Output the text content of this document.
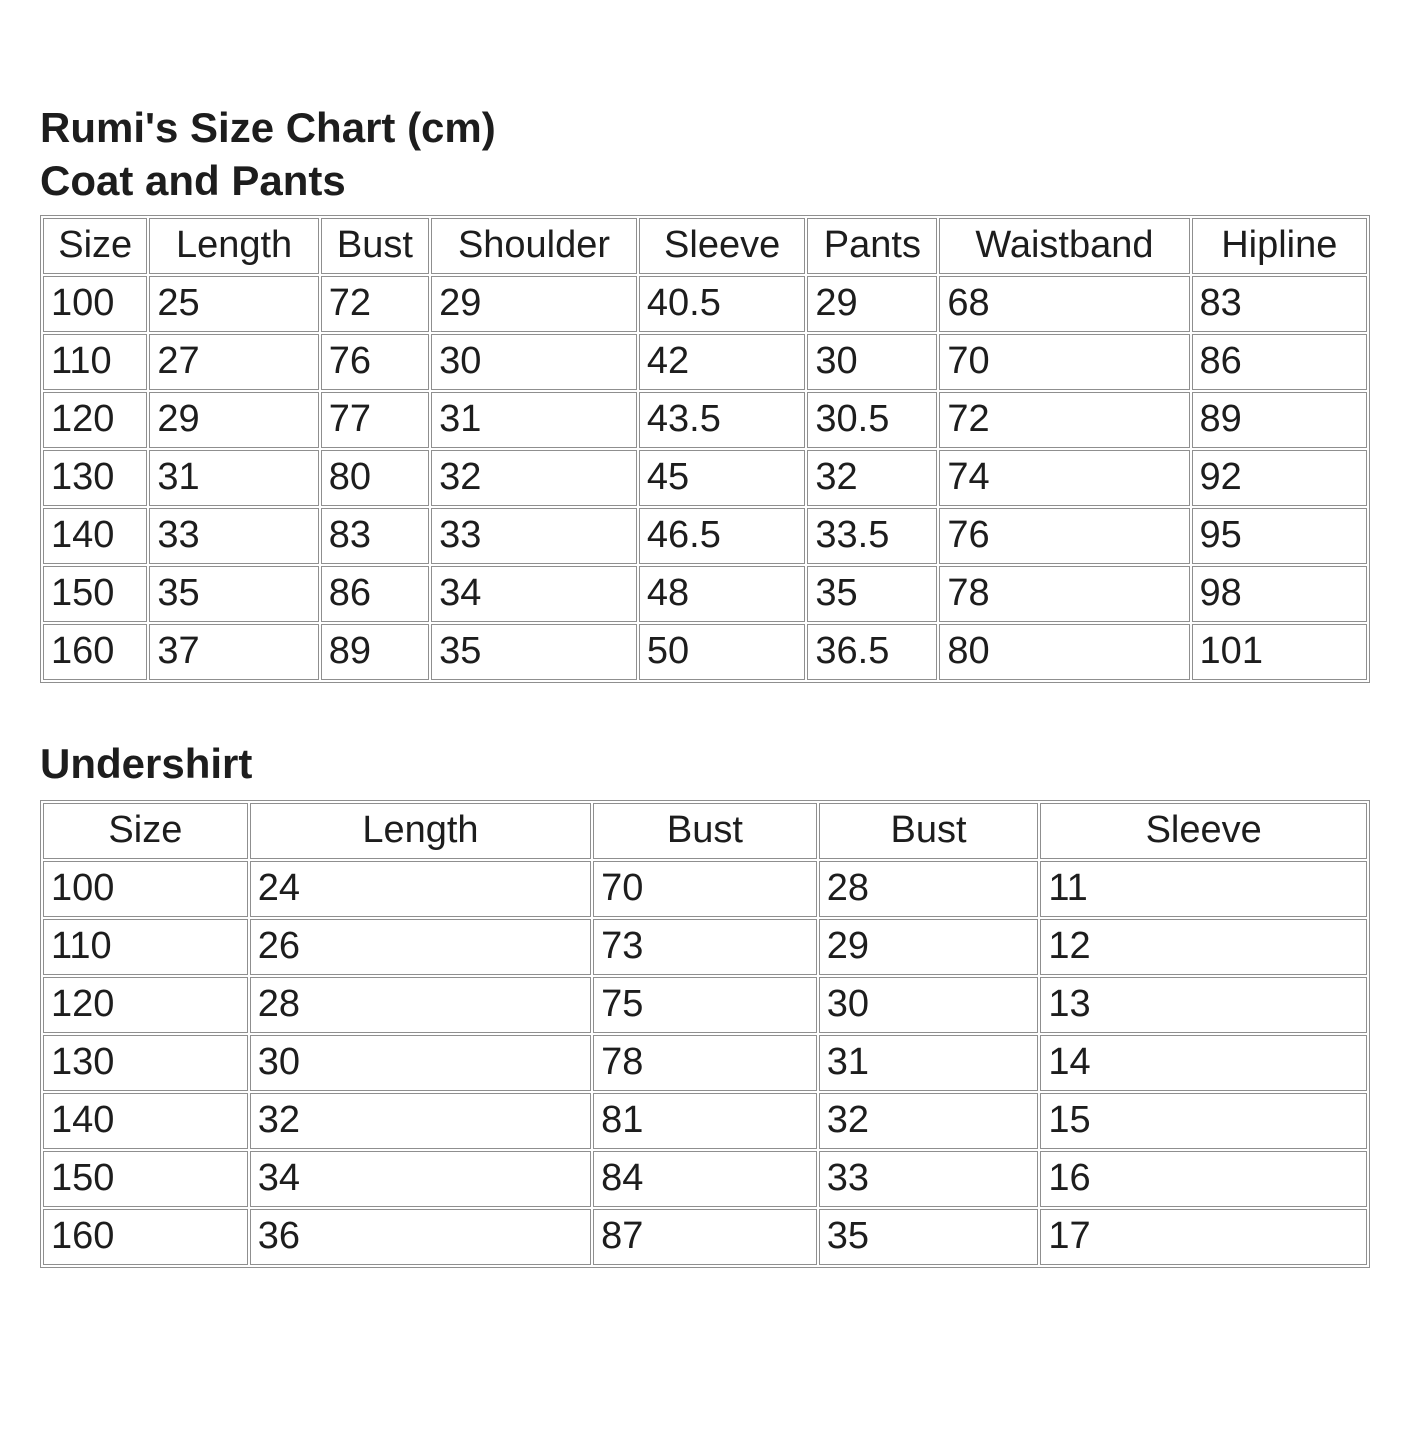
Rumi's Size Chart (cm)
Coat and Pants
Size	Length	Bust	Shoulder	Sleeve	Pants	Waistband	Hipline
100	25	72	29	40.5	29	68	83
110	27	76	30	42	30	70	86
120	29	77	31	43.5	30.5	72	89
130	31	80	32	45	32	74	92
140	33	83	33	46.5	33.5	76	95
150	35	86	34	48	35	78	98
160	37	89	35	50	36.5	80	101
Undershirt
Size	Length	Bust	Bust	Sleeve
100	24	70	28	11
110	26	73	29	12
120	28	75	30	13
130	30	78	31	14
140	32	81	32	15
150	34	84	33	16
160	36	87	35	17
